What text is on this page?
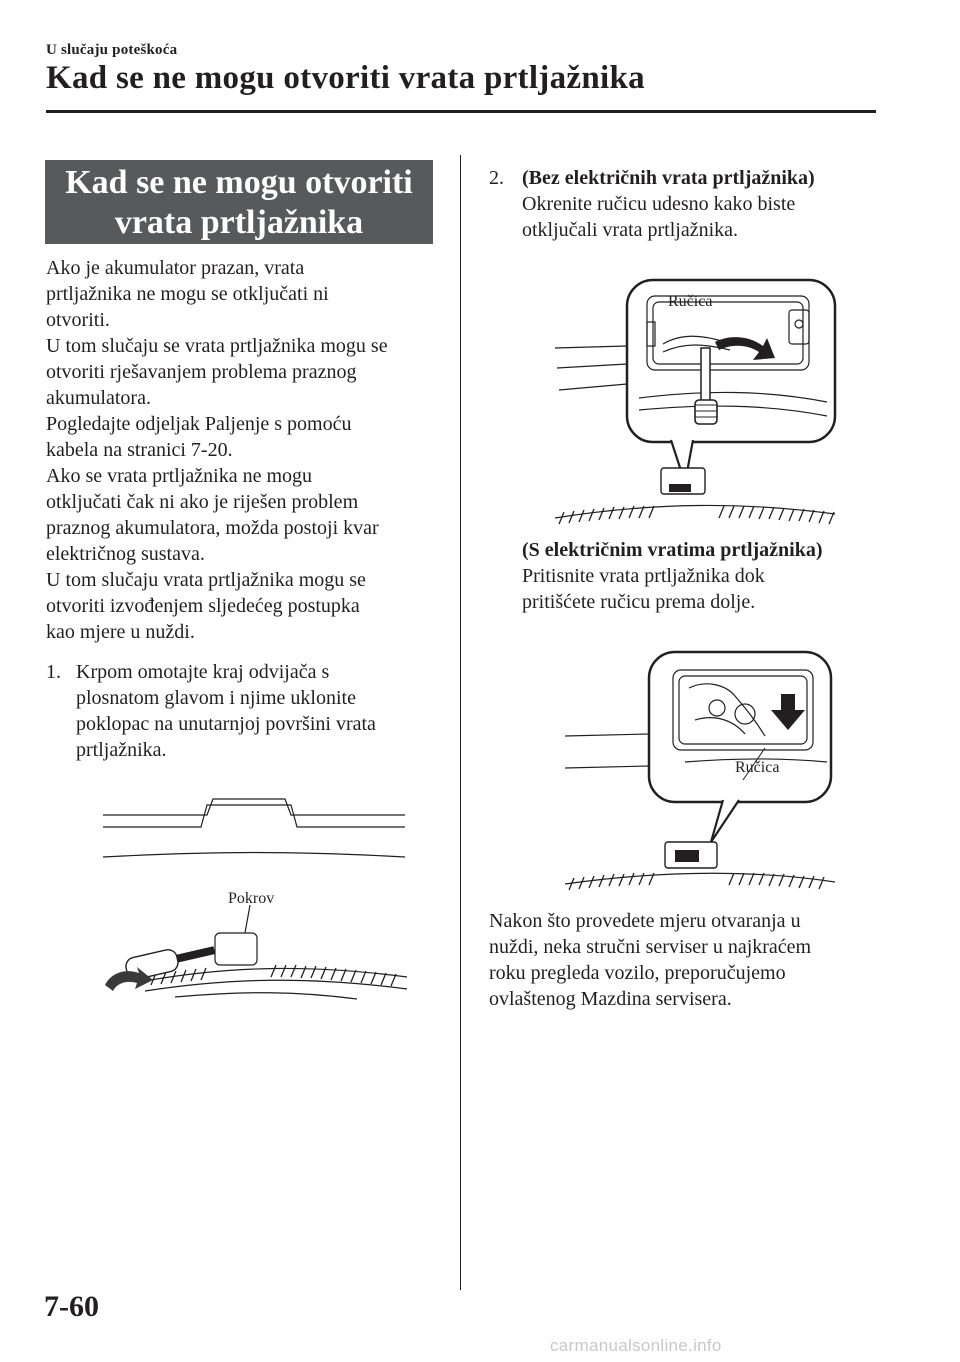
U slučaju poteškoća
Kad se ne mogu otvoriti vrata prtljažnika
Kad se ne mogu otvoriti
vrata prtljažnika

Ako je akumulator prazan, vrata

prtljažnika ne mogu se otključati ni

otvoriti.

U tom slučaju se vrata prtljažnika mogu se

otvoriti rješavanjem problema praznog

akumulatora.

Pogledajte odjeljak Paljenje s pomoću

kabela na stranici 7-20.

Ako se vrata prtljažnika ne mogu

otključati čak ni ako je riješen problem

praznog akumulatora, možda postoji kvar

električnog sustava.

U tom slučaju vrata prtljažnika mogu se

otvoriti izvođenjem sljedećeg postupka

kao mjere u nuždi.

1. Krpom omotajte kraj odvijača s
plosnatom glavom i njime uklonite
poklopac na unutarnjoj površini vrata
prtljažnika.
Pokrov
2. (Bez električnih vrata prtljažnika)
Okrenite ručicu udesno kako biste
otključali vrata prtljažnika.
Ručica
(S električnim vratima prtljažnika)
Pritisnite vrata prtljažnika dok
pritišćete ručicu prema dolje.
Ručica
Nakon što provedete mjeru otvaranja u
nuždi, neka stručni serviser u najkraćem
roku pregleda vozilo, preporučujemo
ovlaštenog Mazdina servisera.
7-60
carmanualsonline.info
